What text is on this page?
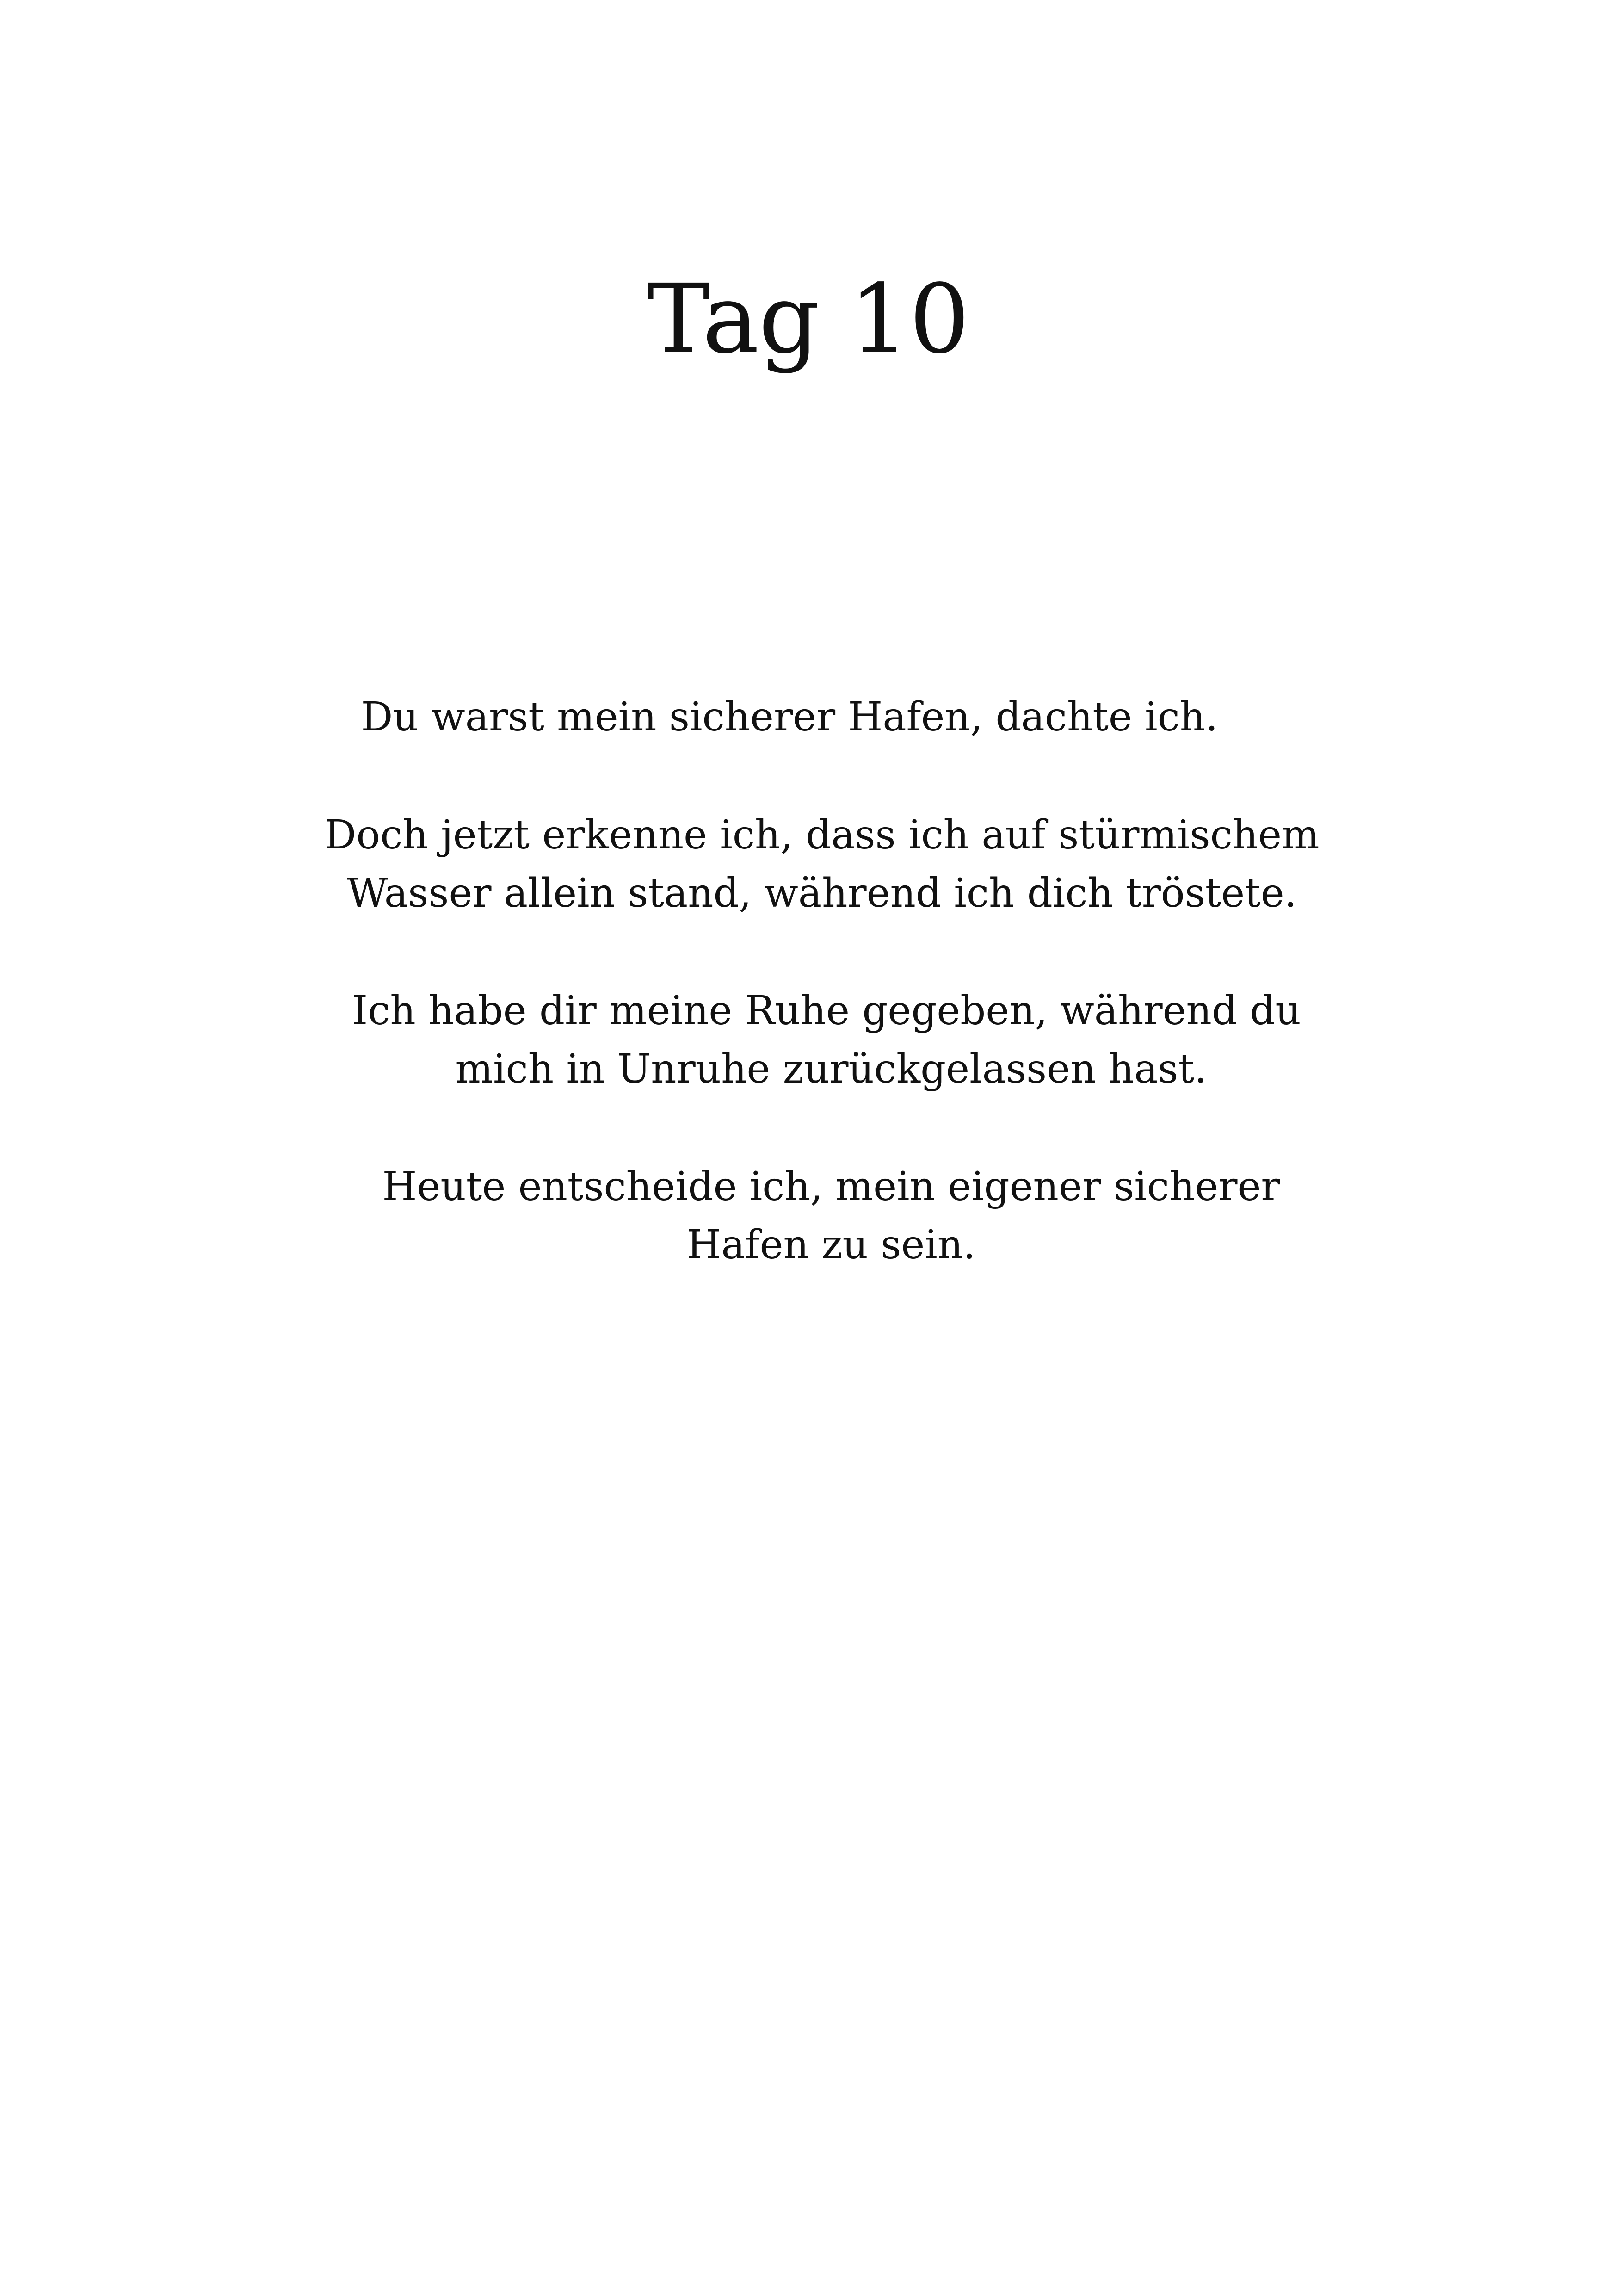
Tag 10
Du warst mein sicherer Hafen, dachte ich.
Doch jetzt erkenne ich, dass ich auf stürmischem
Wasser allein stand, während ich dich tröstete.
Ich habe dir meine Ruhe gegeben, während du
mich in Unruhe zurückgelassen hast.
Heute entscheide ich, mein eigener sicherer
Hafen zu sein.
